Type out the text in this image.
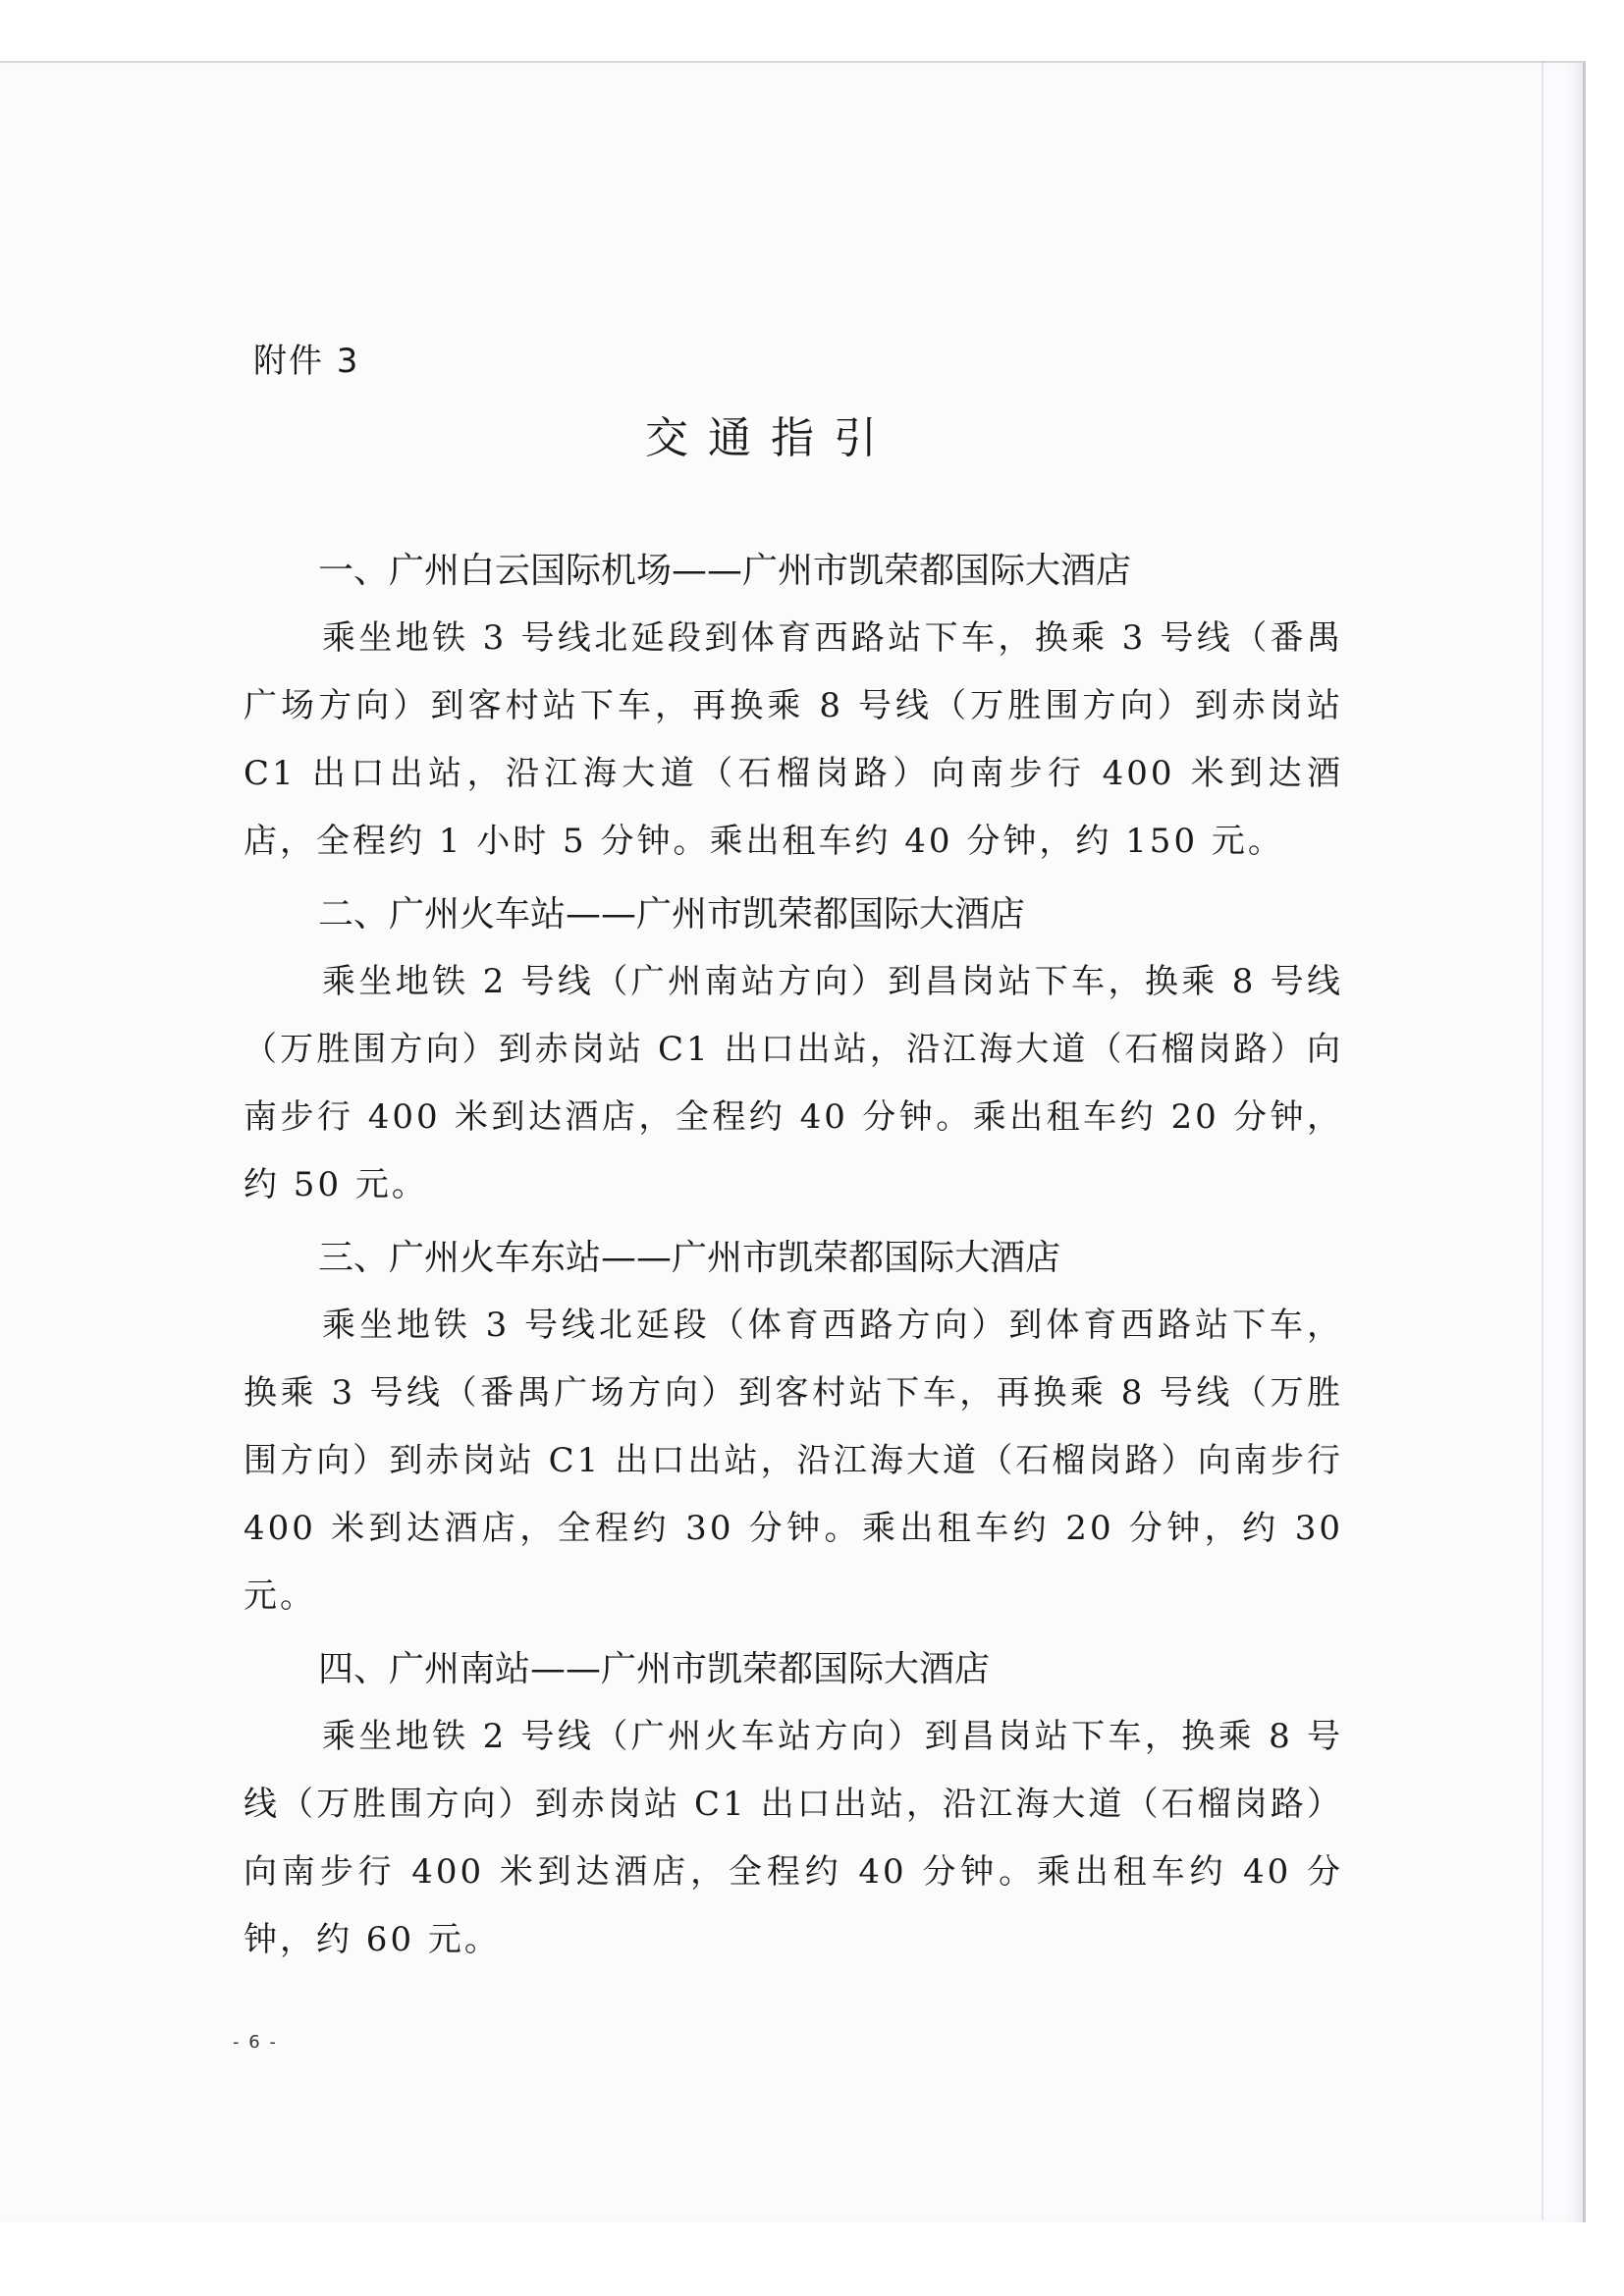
附件 3
交通指引
一、广州白云国际机场——广州市凯荣都国际大酒店

乘坐地铁 3 号线北延段到体育西路站下车，换乘 3 号线（番禺广场方向）到客村站下车，再换乘 8 号线（万胜围方向）到赤岗站 C1 出口出站，沿江海大道（石榴岗路）向南步行 400 米到达酒店，全程约 1 小时 5 分钟。乘出租车约 40 分钟，约 150 元。

二、广州火车站——广州市凯荣都国际大酒店

乘坐地铁 2 号线（广州南站方向）到昌岗站下车，换乘 8 号线（万胜围方向）到赤岗站 C1 出口出站，沿江海大道（石榴岗路）向南步行 400 米到达酒店，全程约 40 分钟。乘出租车约 20 分钟，约 50 元。

三、广州火车东站——广州市凯荣都国际大酒店

乘坐地铁 3 号线北延段（体育西路方向）到体育西路站下车，换乘 3 号线（番禺广场方向）到客村站下车，再换乘 8 号线（万胜围方向）到赤岗站 C1 出口出站，沿江海大道（石榴岗路）向南步行 400 米到达酒店，全程约 30 分钟。乘出租车约 20 分钟，约 30 元。

四、广州南站——广州市凯荣都国际大酒店

乘坐地铁 2 号线（广州火车站方向）到昌岗站下车，换乘 8 号线（万胜围方向）到赤岗站 C1 出口出站，沿江海大道（石榴岗路）向南步行 400 米到达酒店，全程约 40 分钟。乘出租车约 40 分钟，约 60 元。

- 6 -
